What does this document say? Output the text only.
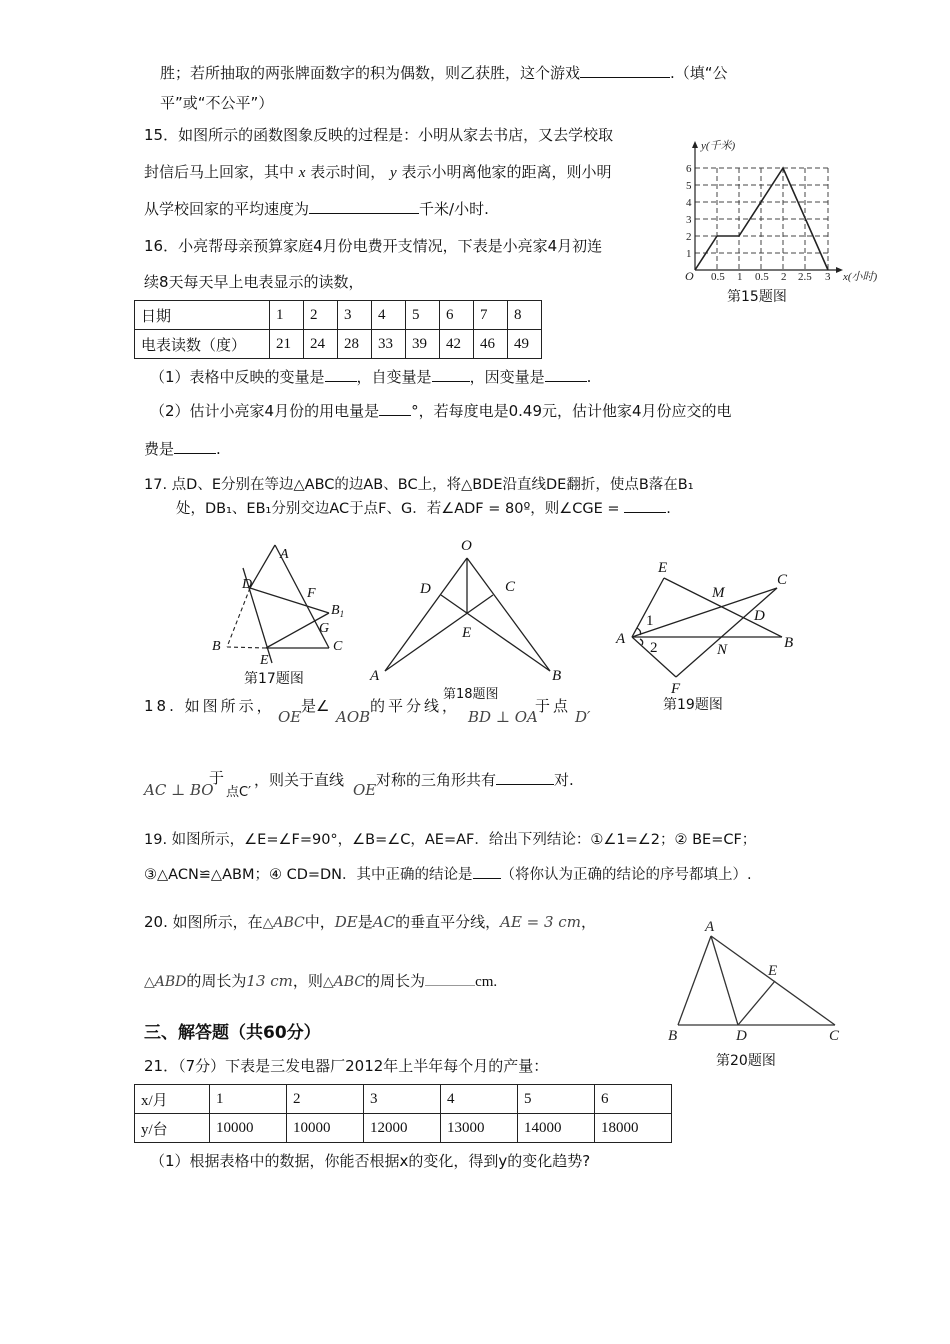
胜；若所抽取的两张牌面数字的积为偶数，则乙获胜，这个游戏	.（填“公
平”或“不公平”）
15．如图所示的函数图象反映的过程是：小明从家去书店，又去学校取
封信后马上回家，其中 x 表示时间， y 表示小明离他家的距离，则小明
从学校回家的平均速度为	千米/小时.
1
2
3
4
5
6
0.5 1 0.5 2 2.5 3
O
y(千米)
x(小时)
第15题图
16．小亮帮母亲预算家庭4月份电费开支情况，下表是小亮家4月初连
续8天每天早上电表显示的读数，
日期	1	2	3	4	5	6	7	8
电表读数（度）	21	24	28	33	39	42	46	49
（1）表格中反映的变量是 ，自变量是	，因变量是	.
（2）估计小亮家4月份的用电量是 °，若每度电是0.49元，估计他家4月份应交的电
费是	.
17. 点D、E分别在等边△ABC的边AB、BC上，将△BDE沿直线DE翻折，使点B落在B₁
处，DB₁、EB₁分别交边AC于点F、G．若∠ADF = 80º，则∠CGE =	.
A
D
F
$B_1$
G
B	C
E
第17题图
O
D	C
E
A	B
第18题图
E
M
C
D
A
1
2	B
N
F
第19题图
18. 如图所示，
OE
是∠
AOB
的平分线，
BD ⊥ OA
于点
D′
AC ⊥ BO
于
点C′
，则关于直线
OE
对称的三角形共有	对.
19. 如图所示，∠E=∠F=90°，∠B=∠C，AE=AF．给出下列结论：①∠1=∠2；② BE=CF；
③△ACN≌△ABM；④ CD=DN．其中正确的结论是 （将你认为正确的结论的序号都填上）.
20. 如图所示，在△ABC中，DE是AC的垂直平分线，AE = 3 cm，
△ABD的周长为13 cm，则△ABC的周长为	cm.
A
E
B	D	C
第20题图
三、解答题（共60分）
21．（7分）下表是三发电器厂2012年上半年每个月的产量：
x/月	1	2	3	4	5	6
y/台	10000	10000	12000	13000	14000	18000
（1）根据表格中的数据，你能否根据x的变化，得到y的变化趋势?
